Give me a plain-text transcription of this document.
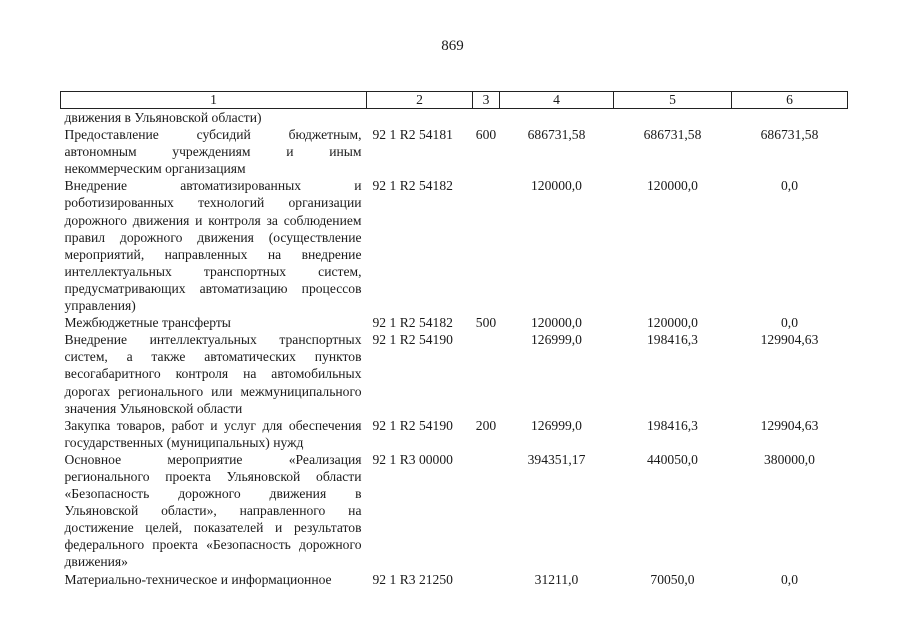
869
1	2	3	4	5	6
движения в Ульяновской области)					
Предоставление субсидий бюджетным, автономным учреждениям и иным некоммерческим организациям	92 1 R2 54181	600	686731,58	686731,58	686731,58
Внедрение автоматизированных и роботизированных технологий организации дорожного движения и контроля за соблюдением правил дорожного движения (осуществление мероприятий, направленных на внедрение интеллектуальных транспортных систем, предусматривающих автоматизацию процессов управления)	92 1 R2 54182		120000,0	120000,0	0,0
Межбюджетные трансферты	92 1 R2 54182	500	120000,0	120000,0	0,0
Внедрение интеллектуальных транспортных систем, а также автоматических пунктов весогабаритного контроля на автомобильных дорогах регионального или межмуниципального значения Ульяновской области	92 1 R2 54190		126999,0	198416,3	129904,63
Закупка товаров, работ и услуг для обеспечения государственных (муниципальных) нужд	92 1 R2 54190	200	126999,0	198416,3	129904,63
Основное мероприятие «Реализация регионального проекта Ульяновской области «Безопасность дорожного движения в Ульяновской области», направленного на достижение целей, показателей и результатов федерального проекта «Безопасность дорожного движения»	92 1 R3 00000		394351,17	440050,0	380000,0
Материально-техническое и информационное	92 1 R3 21250		31211,0	70050,0	0,0
